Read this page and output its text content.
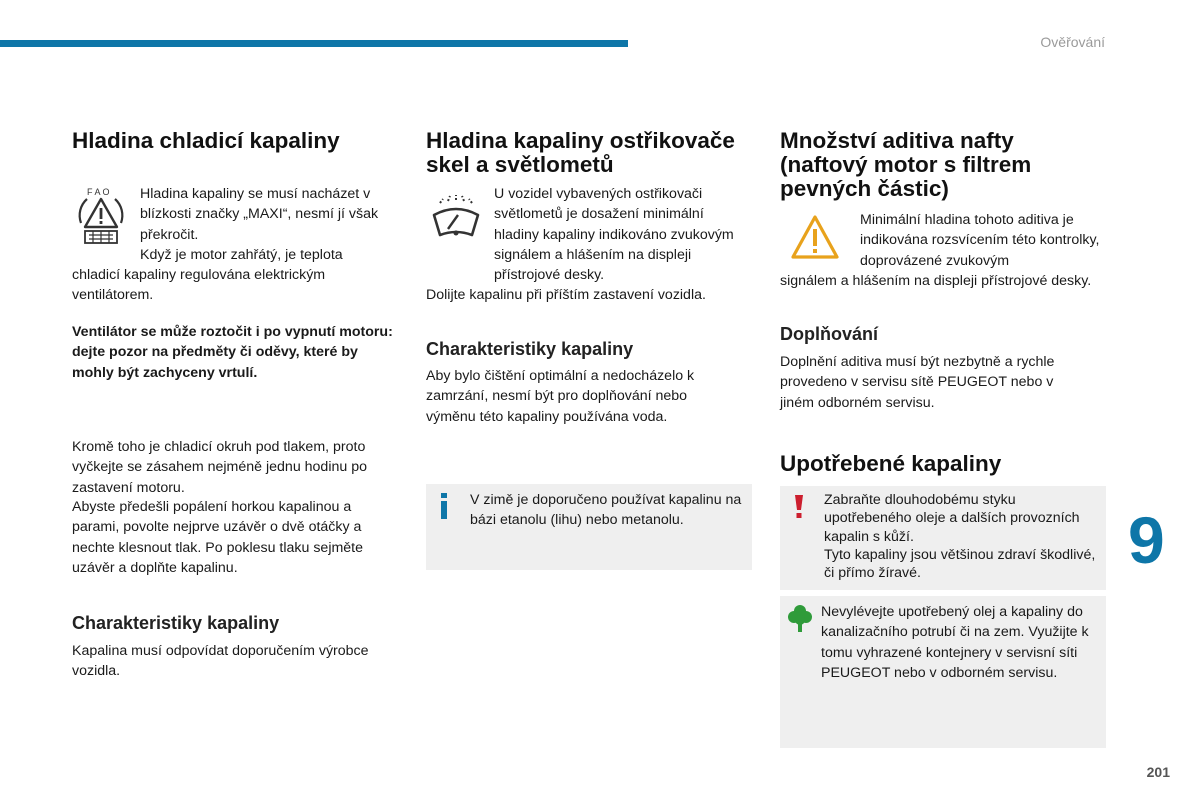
Ověřování
Hladina chladicí kapaliny
F A O Hladina kapaliny se musí nacházet v blízkosti značky „MAXI“, nesmí jí však překročit.

Když je motor zahřátý, je teplota

chladicí kapaliny regulována elektrickým ventilátorem.

Ventilátor se může roztočit i po vypnutí motoru: dejte pozor na předměty či oděvy, které by mohly být zachyceny vrtulí.

Kromě toho je chladicí okruh pod tlakem, proto vyčkejte se zásahem nejméně jednu hodinu po zastavení motoru.

Abyste předešli popálení horkou kapalinou a parami, povolte nejprve uzávěr o dvě otáčky a nechte klesnout tlak. Po poklesu tlaku sejměte uzávěr a doplňte kapalinu.

Charakteristiky kapaliny

Kapalina musí odpovídat doporučením výrobce vozidla.

Hladina kapaliny ostřikovače skel a světlometů

U vozidel vybavených ostřikovači světlometů je dosažení minimální hladiny kapaliny indikováno zvukovým signálem a hlášením na displeji přístrojové desky.

Dolijte kapalinu při příštím zastavení vozidla.

Charakteristiky kapaliny

Aby bylo čištění optimální a nedocházelo k zamrzání, nesmí být pro doplňování nebo výměnu této kapaliny používána voda.

V zimě je doporučeno používat kapalinu na bázi etanolu (lihu) nebo metanolu.

Množství aditiva nafty (naftový motor s filtrem pevných částic)

Minimální hladina tohoto aditiva je indikována rozsvícením této kontrolky, doprovázené zvukovým

signálem a hlášením na displeji přístrojové desky.

Doplňování

Doplnění aditiva musí být nezbytně a rychle provedeno v servisu sítě PEUGEOT nebo v jiném odborném servisu.

Upotřebené kapaliny

Zabraňte dlouhodobému styku upotřebeného oleje a dalších provozních kapalin s kůží.

Tyto kapaliny jsou většinou zdraví škodlivé, či přímo žíravé.

Nevylévejte upotřebený olej a kapaliny do kanalizačního potrubí či na zem. Využijte k tomu vyhrazené kontejnery v servisní síti PEUGEOT nebo v odborném servisu.

9
201
